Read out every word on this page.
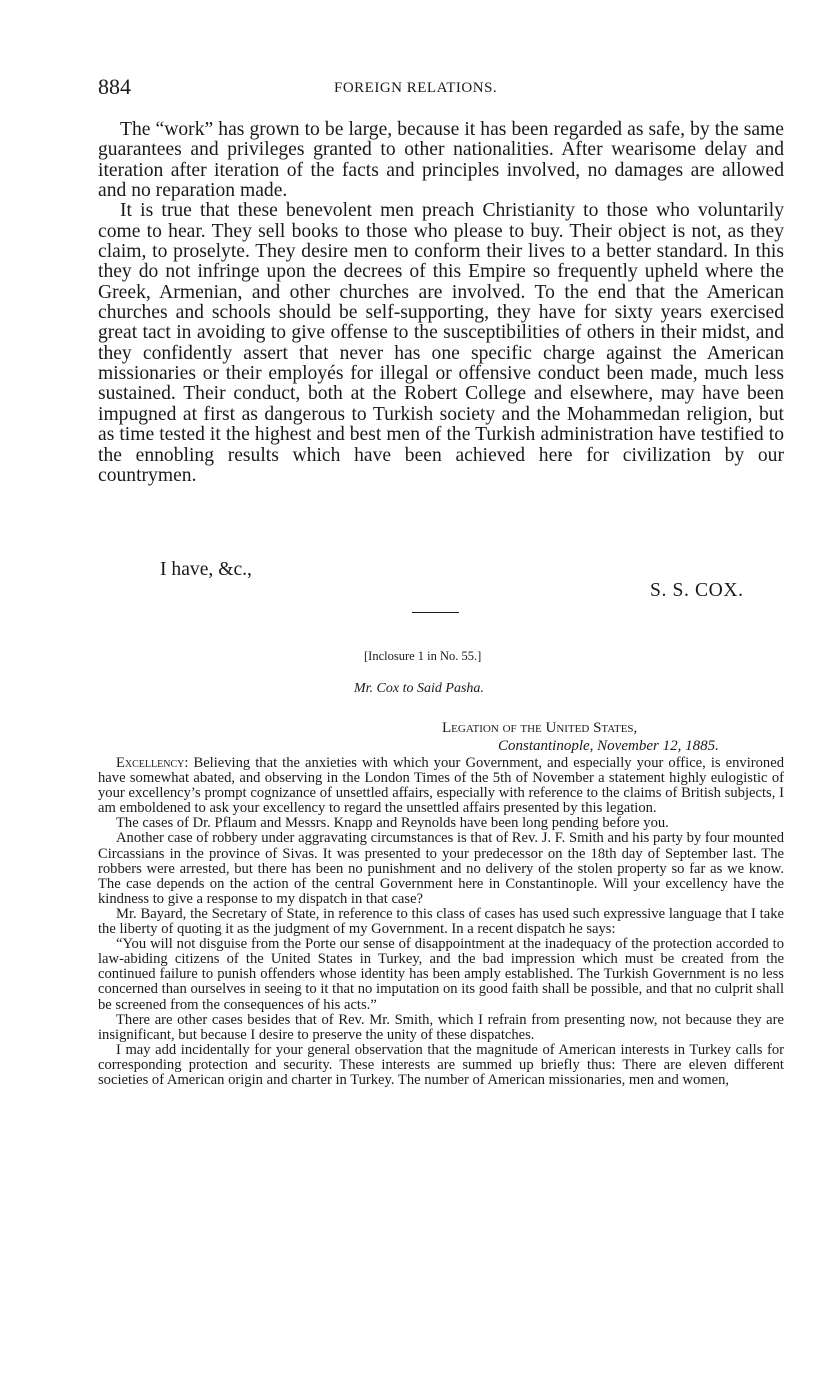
884	FOREIGN RELATIONS.

The “work” has grown to be large, because it has been regarded as safe, by the same guarantees and privileges granted to other nationalities. After wearisome delay and iteration after iteration of the facts and principles involved, no damages are allowed and no reparation made.

It is true that these benevolent men preach Christianity to those who voluntarily come to hear. They sell books to those who please to buy. Their object is not, as they claim, to proselyte. They desire men to conform their lives to a better standard. In this they do not infringe upon the decrees of this Empire so frequently upheld where the Greek, Armenian, and other churches are involved. To the end that the American churches and schools should be self-supporting, they have for sixty years exercised great tact in avoiding to give offense to the susceptibilities of others in their midst, and they confidently assert that never has one specific charge against the American missionaries or their employés for illegal or offensive conduct been made, much less sustained. Their conduct, both at the Robert College and elsewhere, may have been impugned at first as dangerous to Turkish society and the Mohammedan religion, but as time tested it the highest and best men of the Turkish administration have testified to the ennobling results which have been achieved here for civilization by our countrymen.

I have, &c.,
S. S. COX.
[Inclosure 1 in No. 55.]
Mr. Cox to Said Pasha.
Legation of the United States,
Constantinople, November 12, 1885.

Excellency: Believing that the anxieties with which your Government, and especially your office, is environed have somewhat abated, and observing in the London Times of the 5th of November a statement highly eulogistic of your excellency’s prompt cognizance of unsettled affairs, especially with reference to the claims of British subjects, I am emboldened to ask your excellency to regard the unsettled affairs presented by this legation.

The cases of Dr. Pflaum and Messrs. Knapp and Reynolds have been long pending before you.

Another case of robbery under aggravating circumstances is that of Rev. J. F. Smith and his party by four mounted Circassians in the province of Sivas. It was presented to your predecessor on the 18th day of September last. The robbers were arrested, but there has been no punishment and no delivery of the stolen property so far as we know. The case depends on the action of the central Government here in Constantinople. Will your excellency have the kindness to give a response to my dispatch in that case?

Mr. Bayard, the Secretary of State, in reference to this class of cases has used such expressive language that I take the liberty of quoting it as the judgment of my Government. In a recent dispatch he says:

“You will not disguise from the Porte our sense of disappointment at the inadequacy of the protection accorded to law-abiding citizens of the United States in Turkey, and the bad impression which must be created from the continued failure to punish offenders whose identity has been amply established. The Turkish Government is no less concerned than ourselves in seeing to it that no imputation on its good faith shall be possible, and that no culprit shall be screened from the consequences of his acts.”

There are other cases besides that of Rev. Mr. Smith, which I refrain from presenting now, not because they are insignificant, but because I desire to preserve the unity of these dispatches.

I may add incidentally for your general observation that the magnitude of American interests in Turkey calls for corresponding protection and security. These interests are summed up briefly thus: There are eleven different societies of American origin and charter in Turkey. The number of American missionaries, men and women,
